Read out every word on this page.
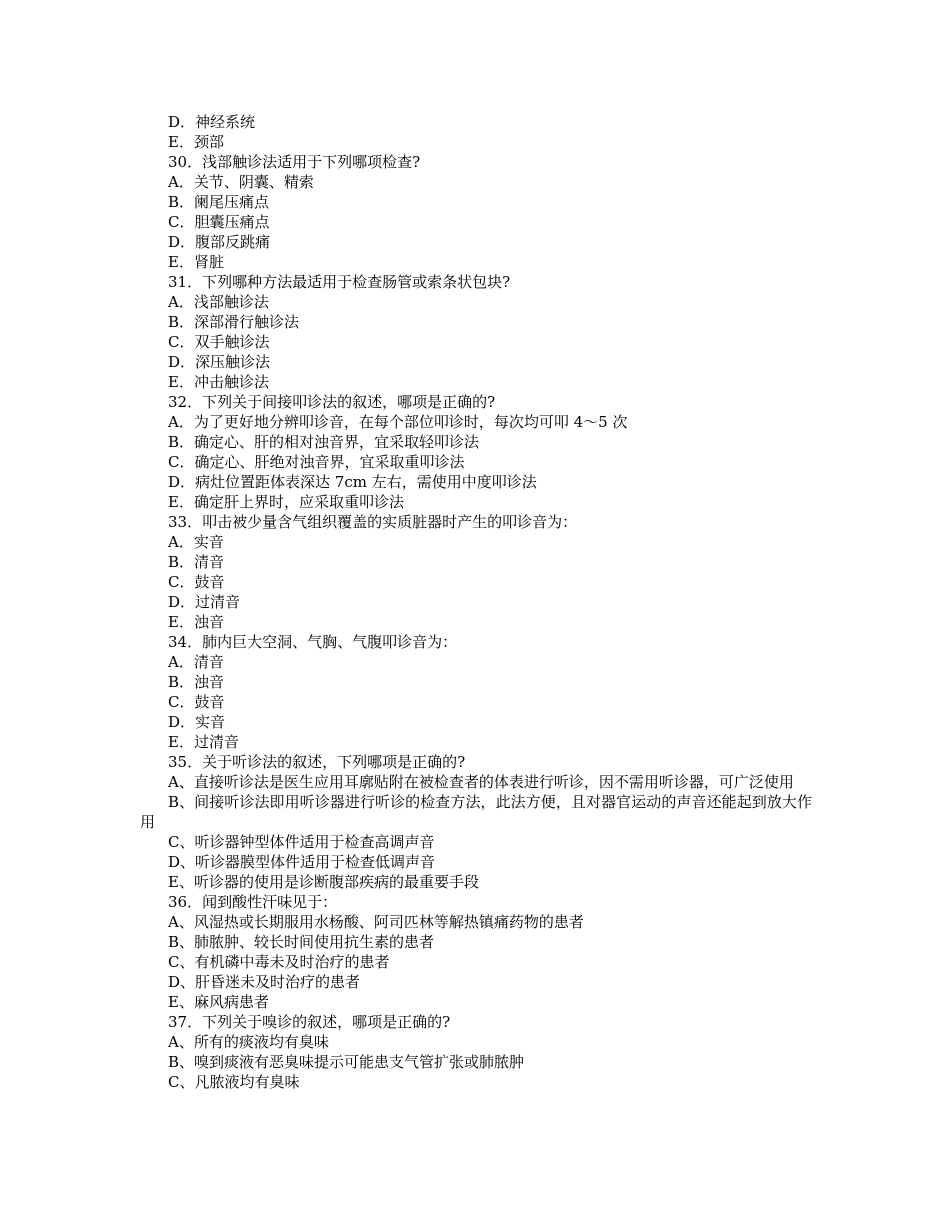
D．神经系统
E．颈部
30．浅部触诊法适用于下列哪项检查?
A．关节、阴囊、精索
B．阑尾压痛点
C．胆囊压痛点
D．腹部反跳痛
E．肾脏
31．下列哪种方法最适用于检查肠管或索条状包块?
A．浅部触诊法
B．深部滑行触诊法
C．双手触诊法
D．深压触诊法
E．冲击触诊法
32．下列关于间接叩诊法的叙述，哪项是正确的?
A．为了更好地分辨叩诊音，在每个部位叩诊时，每次均可叩 4～5 次
B．确定心、肝的相对浊音界，宜采取轻叩诊法
C．确定心、肝绝对浊音界，宜采取重叩诊法
D．病灶位置距体表深达 7cm 左右，需使用中度叩诊法
E．确定肝上界时，应采取重叩诊法
33．叩击被少量含气组织覆盖的实质脏器时产生的叩诊音为：
A．实音
B．清音
C．鼓音
D．过清音
E．浊音
34．肺内巨大空洞、气胸、气腹叩诊音为：
A．清音
B．浊音
C．鼓音
D．实音
E．过清音
35．关于听诊法的叙述，下列哪项是正确的?
A、直接听诊法是医生应用耳廓贴附在被检查者的体表进行听诊，因不需用听诊器，可广泛使用
B、间接听诊法即用听诊器进行听诊的检查方法，此法方便，且对器官运动的声音还能起到放大作用
C、听诊器钟型体件适用于检查高调声音
D、听诊器膜型体件适用于检查低调声音
E、听诊器的使用是诊断腹部疾病的最重要手段
36．闻到酸性汗味见于：
A、风湿热或长期服用水杨酸、阿司匹林等解热镇痛药物的患者
B、肺脓肿、较长时间使用抗生素的患者
C、有机磷中毒未及时治疗的患者
D、肝昏迷未及时治疗的患者
E、麻风病患者
37．下列关于嗅诊的叙述，哪项是正确的?
A、所有的痰液均有臭味
B、嗅到痰液有恶臭味提示可能患支气管扩张或肺脓肿
C、凡脓液均有臭味
